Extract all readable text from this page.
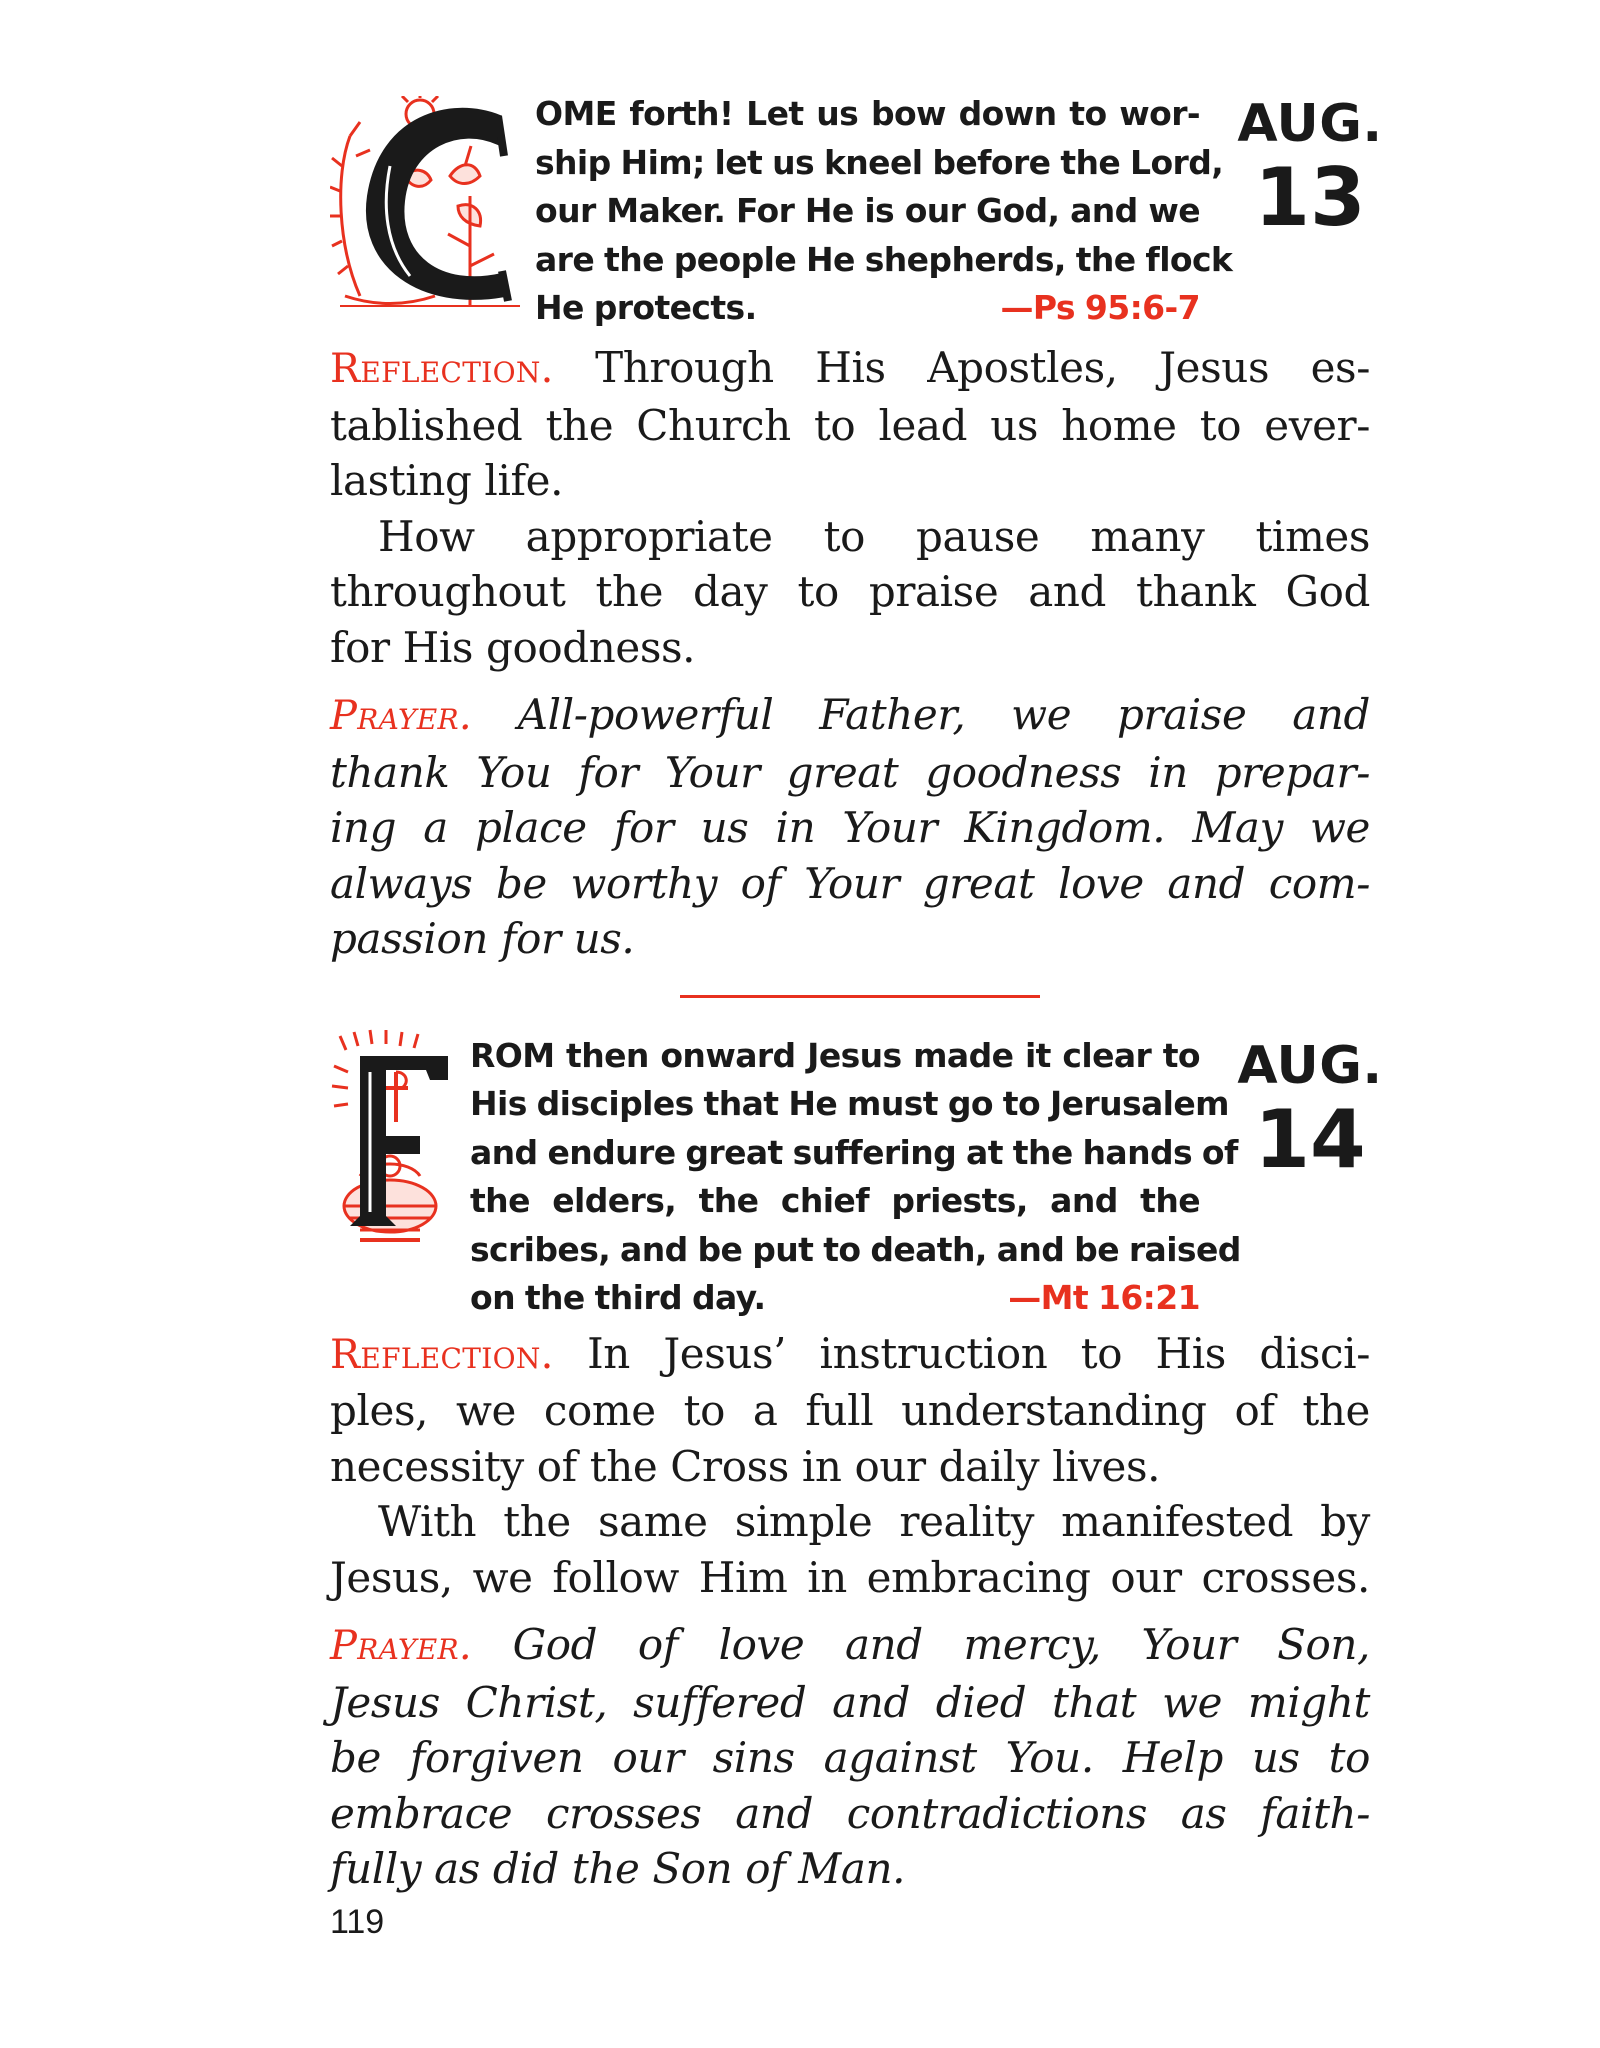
OME forth! Let us bow down to wor-
ship Him; let us kneel before the Lord,
our Maker. For He is our God, and we
are the people He shepherds, the flock
He protects.	—Ps 95:6-7
AUG.
13
Reflection. Through His Apostles, Jesus es-
tablished the Church to lead us home to ever-
lasting life.
How appropriate to pause many times
throughout the day to praise and thank God
for His goodness.
Prayer. All-powerful Father, we praise and
thank You for Your great goodness in prepar-
ing a place for us in Your Kingdom. May we
always be worthy of Your great love and com-
passion for us.
ROM then onward Jesus made it clear to
His disciples that He must go to Jerusalem
and endure great suffering at the hands of
the elders, the chief priests, and the
scribes, and be put to death, and be raised
on the third day.	—Mt 16:21
AUG.
14
Reflection. In Jesus’ instruction to His disci-
ples, we come to a full understanding of the
necessity of the Cross in our daily lives.
With the same simple reality manifested by
Jesus, we follow Him in embracing our crosses.
Prayer. God of love and mercy, Your Son,
Jesus Christ, suffered and died that we might
be forgiven our sins against You. Help us to
embrace crosses and contradictions as faith-
fully as did the Son of Man.
119
